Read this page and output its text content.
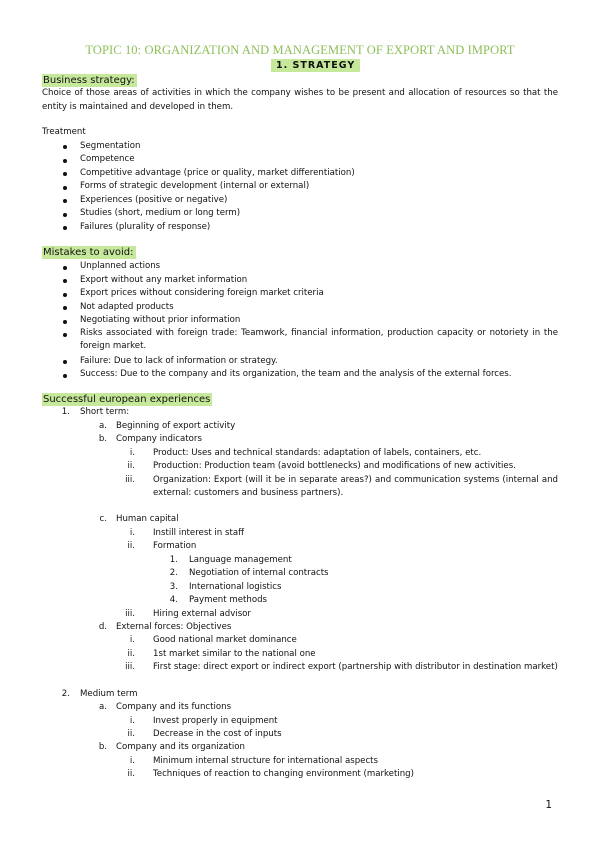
TOPIC 10: ORGANIZATION AND MANAGEMENT OF EXPORT AND IMPORT
1. STRATEGY
Business strategy:
Choice of those areas of activities in which the company wishes to be present and allocation of resources so that the entity is maintained and developed in them.
Treatment
Segmentation
Competence
Competitive advantage (price or quality, market differentiation)
Forms of strategic development (internal or external)
Experiences (positive or negative)
Studies (short, medium or long term)
Failures (plurality of response)
Mistakes to avoid:
Unplanned actions
Export without any market information
Export prices without considering foreign market criteria
Not adapted products
Negotiating without prior information
Risks associated with foreign trade: Teamwork, financial information, production capacity or notoriety in the foreign market.
Failure: Due to lack of information or strategy.
Success: Due to the company and its organization, the team and the analysis of the external forces.
Successful european experiences
1. Short term:
a. Beginning of export activity
b. Company indicators
i. Product: Uses and technical standards: adaptation of labels, containers, etc.
ii. Production: Production team (avoid bottlenecks) and modifications of new activities.
iii. Organization: Export (will it be in separate areas?) and communication systems (internal and external: customers and business partners).
c. Human capital
i. Instill interest in staff
ii. Formation
1. Language management
2. Negotiation of internal contracts
3. International logistics
4. Payment methods
iii. Hiring external advisor
d. External forces: Objectives
i. Good national market dominance
ii. 1st market similar to the national one
iii. First stage: direct export or indirect export (partnership with distributor in destination market)
2. Medium term
a. Company and its functions
i. Invest properly in equipment
ii. Decrease in the cost of inputs
b. Company and its organization
i. Minimum internal structure for international aspects
ii. Techniques of reaction to changing environment (marketing)
1
